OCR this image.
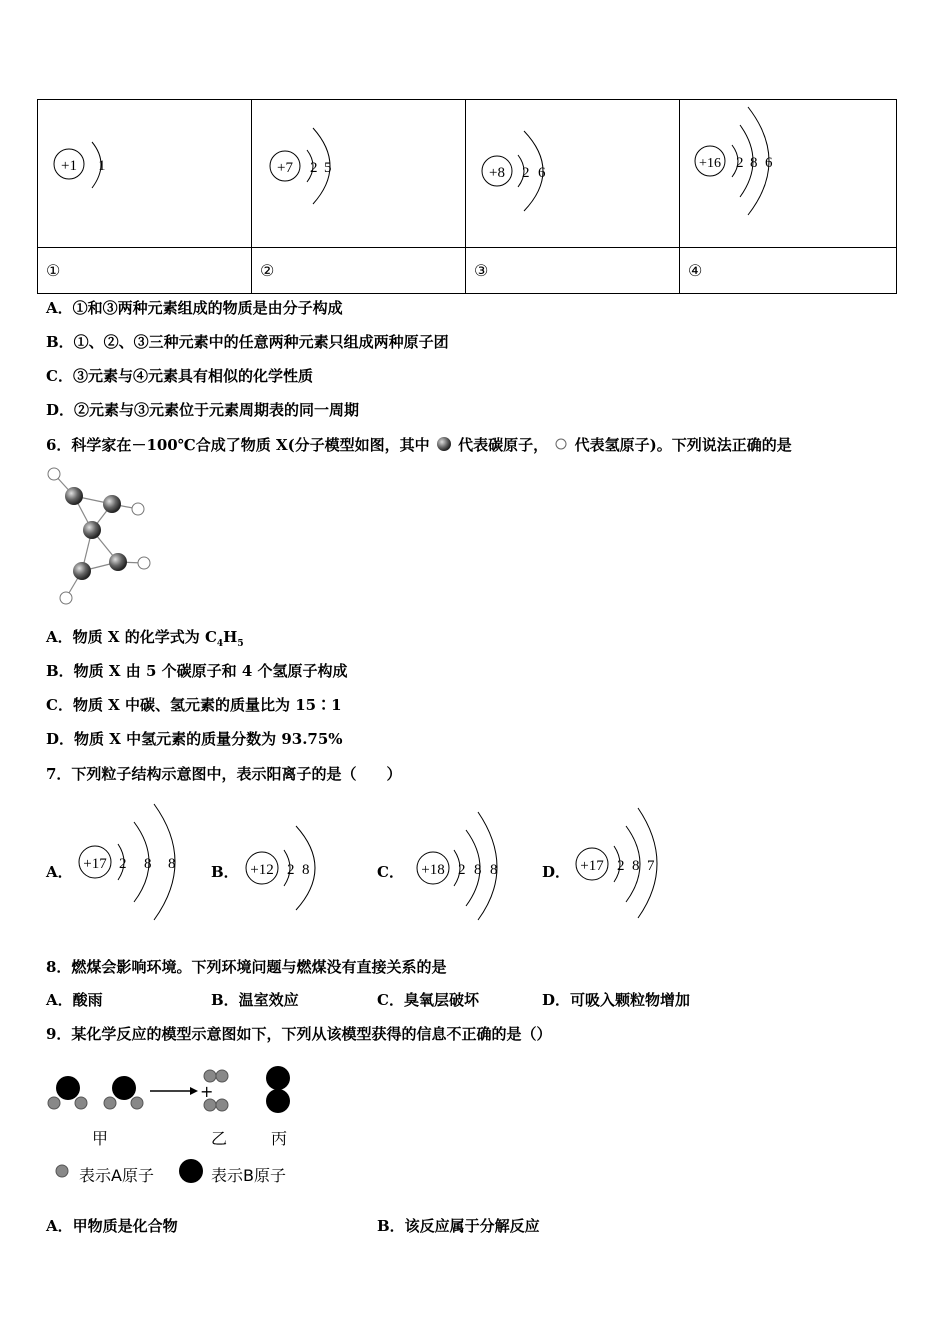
+1 1	+7 2 5	+8 2 6	+16 2 8 6

①	②	③	④
A．①和③两种元素组成的物质是由分子构成
B．①、②、③三种元素中的任意两种元素只组成两种原子团
C．③元素与④元素具有相似的化学性质
D．②元素与③元素位于元素周期表的同一周期
6．科学家在－100℃合成了物质 X(分子模型如图，其中 代表碳原子， 代表氢原子)。下列说法正确的是
A．物质 X 的化学式为 $C_4H_5$
B．物质 X 由 5 个碳原子和 4 个氢原子构成
C．物质 X 中碳、氢元素的质量比为 15∶1
D．物质 X 中氢元素的质量分数为 93.75%
7．下列粒子结构示意图中，表示阳离子的是（　　）
A． +17 2 8 8 B． +12 2 8	C． +18 2 8 8	D． +17 2 8 7
8．燃煤会影响环境。下列环境问题与燃煤没有直接关系的是
A．酸雨	B．温室效应	C．臭氧层破坏	D．可吸入颗粒物增加
9．某化学反应的模型示意图如下，下列从该模型获得的信息不正确的是（）
+
甲	乙	丙
表示A原子	表示B原子
A．甲物质是化合物	B．该反应属于分解反应
